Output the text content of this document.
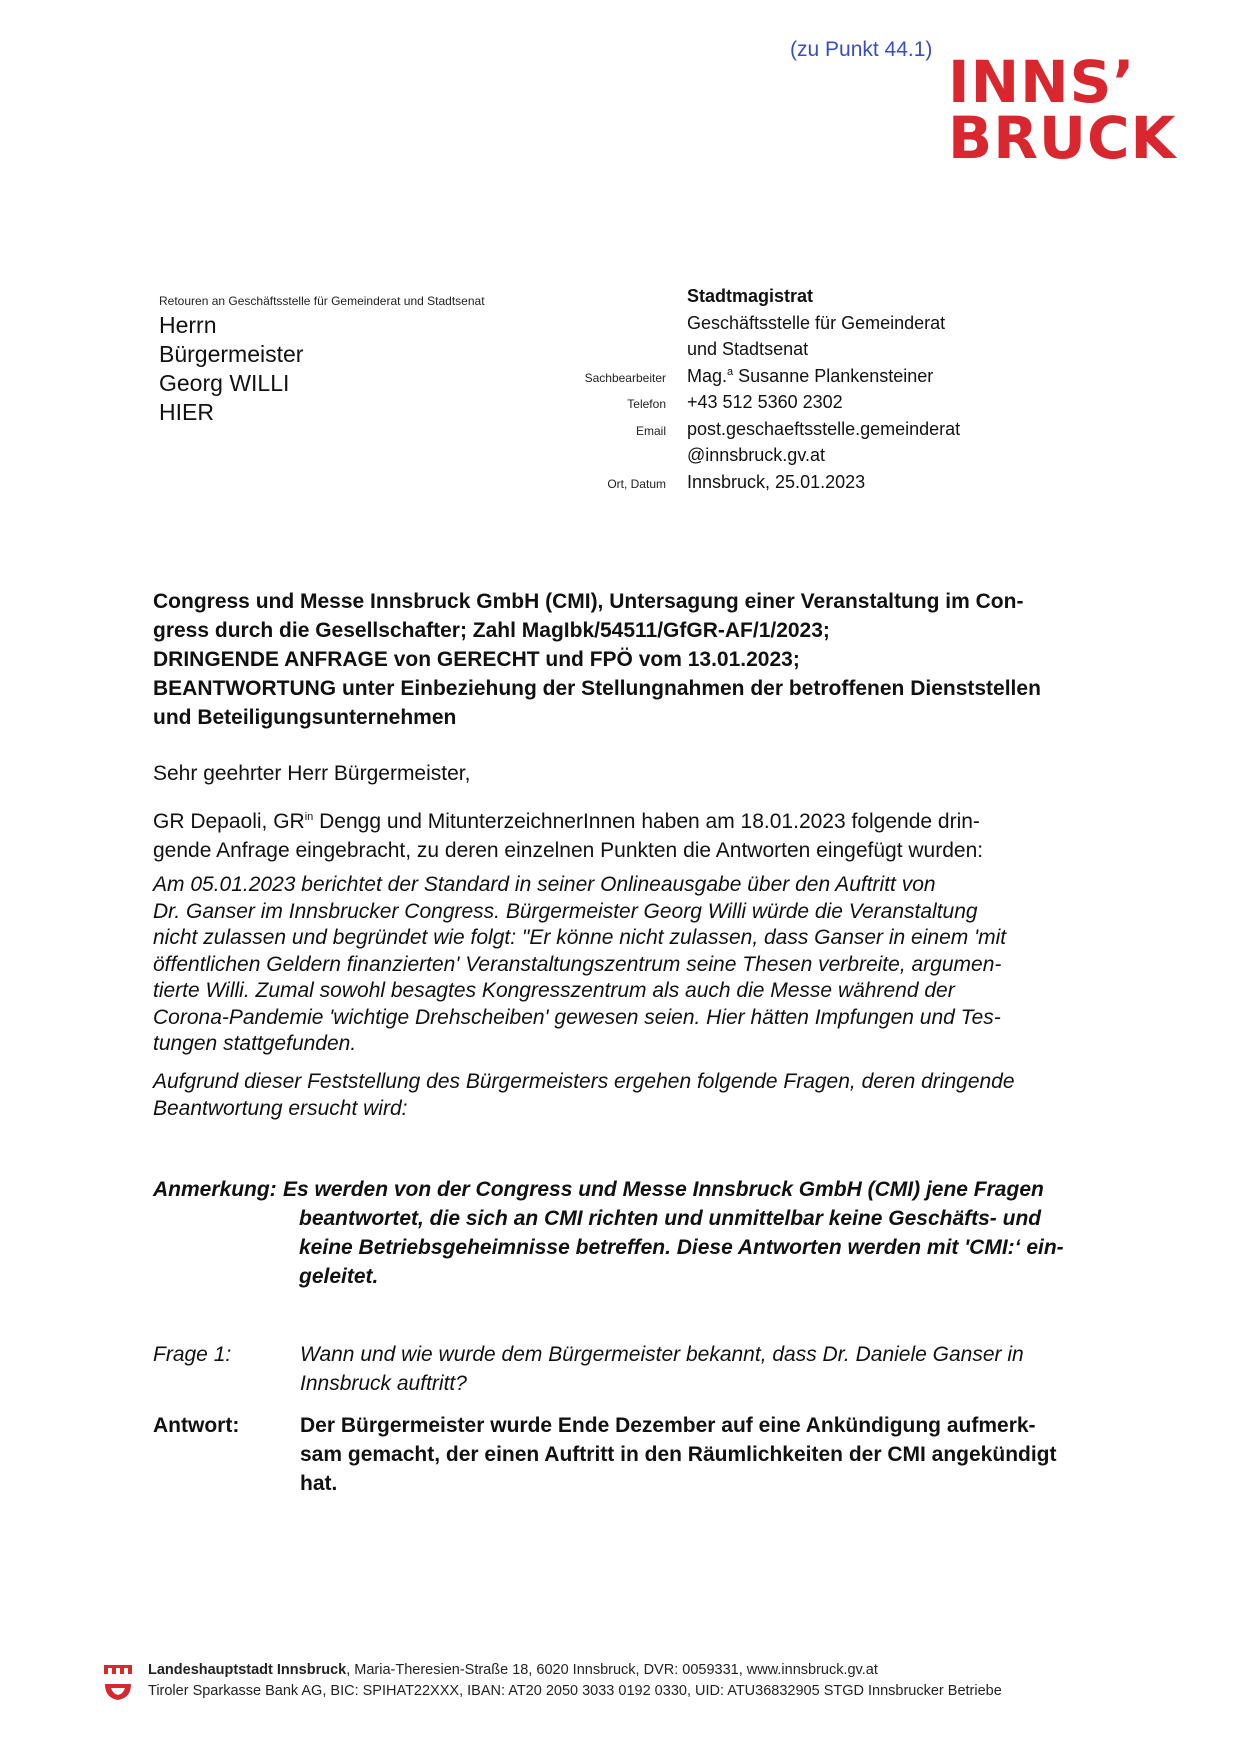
(zu Punkt 44.1) INNS’
BRUCK
Retouren an Geschäftsstelle für Gemeinderat und Stadtsenat
Herrn
Bürgermeister
Georg WILLI
HIER
Stadtmagistrat
Geschäftsstelle für Gemeinderat
und Stadtsenat
Sachbearbeiter	Mag.$^a$ Susanne Plankensteiner
Telefon	+43 512 5360 2302
Email	post.geschaeftsstelle.gemeinderat
@innsbruck.gv.at
Ort, Datum	Innsbruck, 25.01.2023
Congress und Messe Innsbruck GmbH (CMI), Untersagung einer Veranstaltung im Con-
gress durch die Gesellschafter; Zahl MagIbk/54511/GfGR-AF/1/2023;
DRINGENDE ANFRAGE von GERECHT und FPÖ vom 13.01.2023;
BEANTWORTUNG unter Einbeziehung der Stellungnahmen der betroffenen Dienststellen
und Beteiligungsunternehmen
Sehr geehrter Herr Bürgermeister,
GR Depaoli, $GR^{in}$ Dengg und MitunterzeichnerInnen haben am 18.01.2023 folgende drin-
gende Anfrage eingebracht, zu deren einzelnen Punkten die Antworten eingefügt wurden:
Am 05.01.2023 berichtet der Standard in seiner Onlineausgabe über den Auftritt von
Dr. Ganser im Innsbrucker Congress. Bürgermeister Georg Willi würde die Veranstaltung
nicht zulassen und begründet wie folgt: "Er könne nicht zulassen, dass Ganser in einem 'mit
öffentlichen Geldern finanzierten' Veranstaltungszentrum seine Thesen verbreite, argumen-
tierte Willi. Zumal sowohl besagtes Kongresszentrum als auch die Messe während der
Corona-Pandemie 'wichtige Drehscheiben' gewesen seien. Hier hätten Impfungen und Tes-
tungen stattgefunden.
Aufgrund dieser Feststellung des Bürgermeisters ergehen folgende Fragen, deren dringende
Beantwortung ersucht wird:
Anmerkung: Es werden von der Congress und Messe Innsbruck GmbH (CMI) jene Fragen
beantwortet, die sich an CMI richten und unmittelbar keine Geschäfts- und
keine Betriebsgeheimnisse betreffen. Diese Antworten werden mit 'CMI:‘ ein-
geleitet.
Frage 1:	Wann und wie wurde dem Bürgermeister bekannt, dass Dr. Daniele Ganser in
Innsbruck auftritt?
Antwort:	Der Bürgermeister wurde Ende Dezember auf eine Ankündigung aufmerk-
sam gemacht, der einen Auftritt in den Räumlichkeiten der CMI angekündigt
hat.
Landeshauptstadt Innsbruck, Maria-Theresien-Straße 18, 6020 Innsbruck, DVR: 0059331, www.innsbruck.gv.at
Tiroler Sparkasse Bank AG, BIC: SPIHAT22XXX, IBAN: AT20 2050 3033 0192 0330, UID: ATU36832905 STGD Innsbrucker Betriebe
